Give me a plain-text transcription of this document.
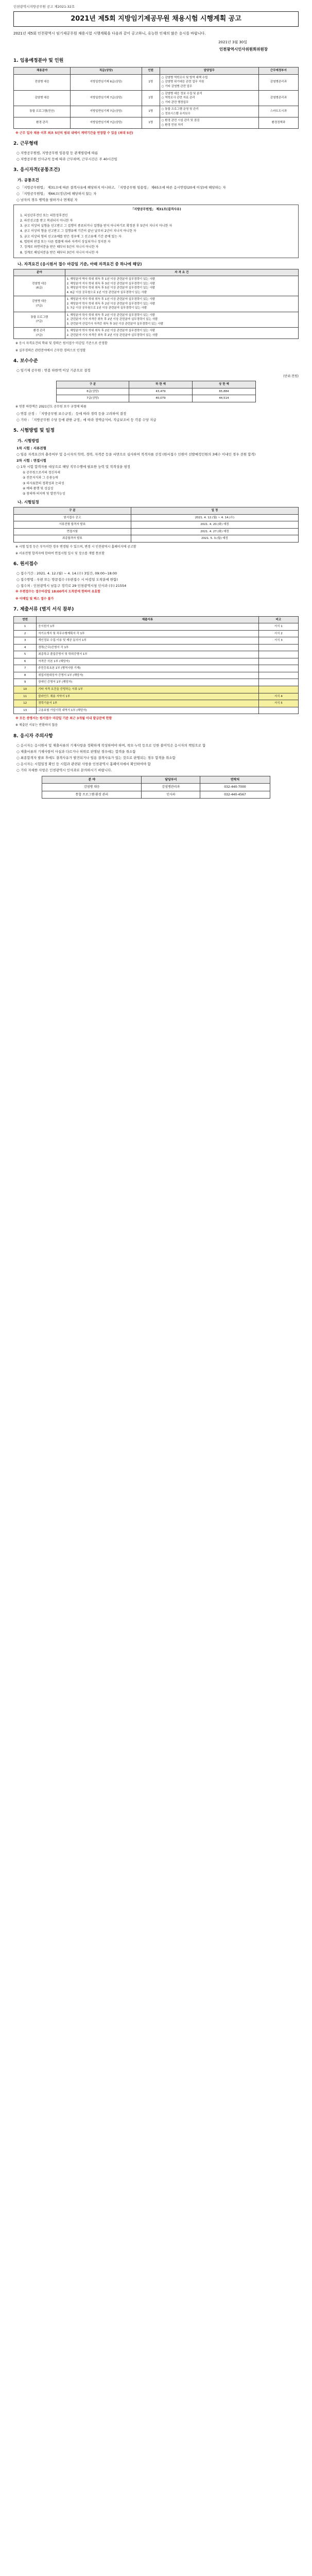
인천광역시지방공무원 공고 제2021-32호
2021년 제5회 지방임기제공무원 채용시험 시행계획 공고
2021년 제5회 인천광역시 임기제공무원 채용시험 시행계획을 다음과 같이 공고하니, 유능한 인재의 많은 응시를 바랍니다.
2021년 3월 30일
인천광역시인사위원회위원장
1. 임용예정분야 및 인원
채용분야	직급(상당)	인원	담당업무	근무예정부서
전염병 대응	지방일반임기제 6급(상당)	1명	○ 감염병 역학조사 및 방역 대책 수립
○ 감염병 위기대응 관련 업무 지원
○ 기타 감염병 관련 업무	감염병관리과
감염병 대응	지방일반임기제 7급(상당)	1명	○ 감염병 대응 정보 수집 및 분석
○ 역학조사 관련 자료 관리
○ 기타 관련 행정업무	감염병관리과
통합 프로그램(전산)	지방일반임기제 7급(상당)	1명	○ 통합 프로그램 운영 및 관리
○ 정보시스템 유지보수	스마트도시과
환경 관리	지방일반임기제 7급(상당)	1명	○ 환경 관련 시설 관리 및 점검
○ 환경 민원 처리	환경정책과
※ 근무 일자 채용 이후 최초 5년의 범위 내에서 계약기간을 연장할 수 있음 (최대 5년)
2. 근무형태
○ 지방공무원법, 지방공무원 임용령 등 관계법령에 따름
○ 지방공무원 인사규칙 등에 따라 근무하며, 근무시간은 주 40시간임
3. 응시자격(공통조건)
가. 공통조건
○ 「지방공무원법」 제31조에 따른 결격사유에 해당하지 아니하고, 「지방공무원 임용령」 제65조에 따른 응시연령(20세 이상)에 해당하는 자
○ 「지방공무원법」 제66조(정년)에 해당하지 않는 자
○ 남자의 경우 병역을 필하거나 면제된 자
「지방공무원법」 제31조(결격사유)
1. 피성년후견인 또는 피한정후견인
2. 파산선고를 받고 복권되지 아니한 자
3. 금고 이상의 실형을 선고받고 그 집행이 종료되거나 집행을 받지 아니하기로 확정된 후 5년이 지나지 아니한 자
4. 금고 이상의 형을 선고받고 그 집행유예 기간이 끝난 날부터 2년이 지나지 아니한 자
5. 금고 이상의 형의 선고유예를 받은 경우에 그 선고유예 기간 중에 있는 자
6. 법원의 판결 또는 다른 법률에 따라 자격이 상실되거나 정지된 자
7. 징계로 파면처분을 받은 때부터 5년이 지나지 아니한 자
8. 징계로 해임처분을 받은 때부터 3년이 지나지 아니한 자
나. 자격요건 (응시원서 접수 마감일 기준, 아래 자격요건 중 하나에 해당)
분야	자 격 요 건
전염병 대응
(6급)	1. 해당분야 박사 학위 취득 후 1년 이상 관련분야 실무경력이 있는 사람
2. 해당분야 석사 학위 취득 후 3년 이상 관련분야 실무경력이 있는 사람
3. 해당분야 학사 학위 취득 후 5년 이상 관련분야 실무경력이 있는 사람
4. 6급 이상 공무원으로 1년 이상 관련분야 실무경력이 있는 사람
감염병 대응
(7급)	1. 해당분야 석사 학위 취득 후 1년 이상 관련분야 실무경력이 있는 사람
2. 해당분야 학사 학위 취득 후 2년 이상 관련분야 실무경력이 있는 사람
3. 7급 이상 공무원으로 1년 이상 관련분야 실무경력이 있는 사람
통합 프로그램
(7급)	1. 해당분야 학사 학위 취득 후 2년 이상 관련분야 실무경력이 있는 사람
2. 관련분야 기사 자격증 취득 후 2년 이상 관련분야 실무경력이 있는 사람
3. 관련분야 산업기사 자격증 취득 후 3년 이상 관련분야 실무경력이 있는 사람
환경 관리
(7급)	1. 해당분야 학사 학위 취득 후 2년 이상 관련분야 실무경력이 있는 사람
2. 관련분야 기사 자격증 취득 후 2년 이상 관련분야 실무경력이 있는 사람
※ 응시 자격요건의 학위 및 경력은 원서접수 마감일 기준으로 산정함
※ 실무경력은 관련분야에서 근무한 경력으로 인정함
4. 보수수준
○ 임기제 공무원 : 연봉 하한액 이상 기준으로 결정
(단위:천원)
구 분	하 한 액	상 한 액
6급(상당)	43,479	65,884
7급(상당)	40,079	44,514
※ 연봉 하한액은 2021년도 공무원 보수 규정에 따름
○ 연봉 산정 : 「지방공무원 보수규정」 등에 따라 경력 등을 고려하여 결정
○ 기타 : 「지방공무원 수당 등에 관한 규정」에 따라 정액급식비, 직급보조비 등 각종 수당 지급
5. 시험방법 및 일정
가. 시험방법
1차 시험 : 서류전형
○ 임용 자격요건의 충족여부 및 응시자의 학력, 경력, 자격증 등을 서면으로 심사하여 적격자를 선정 (원서접수 인원이 선발예정인원의 3배수 이내인 경우 전원 합격)
2차 시험 : 면접시험
○ 1차 시험 합격자를 대상으로 해당 직무수행에 필요한 능력 및 적격성을 평정
① 공무원으로서의 정신자세
② 전문지식과 그 응용능력
③ 의사표현의 정확성과 논리성
④ 예의·품행 및 성실성
⑤ 창의력·의지력 및 발전가능성
나. 시험일정
구 분	일 정
원서접수 공고	2021. 4. 12.(월) ~ 4. 14.(수)
서류전형 합격자 발표	2021. 4. 20.(화) 예정
면접시험	2021. 4. 27.(화) 예정
최종합격자 발표	2021. 5. 3.(월) 예정
※ 시험 일정 등은 부득이한 경우 변경될 수 있으며, 변경 시 인천광역시 홈페이지에 공고함
※ 서류전형 합격자에 한하여 면접시험 일시 및 장소를 개별 통보함
6. 원서접수
○ 접수기간 : 2021. 4. 12.(월) ~ 4. 14.(수) 3일간, 09:00~18:00
○ 접수방법 : 우편 또는 방문접수 (우편접수 시 마감일 도착분에 한함)
○ 접수처 : 인천광역시 남동구 정각로 29 인천광역시청 인사과 (우) 21554
※ 우편접수는 접수마감일 18:00까지 도착분에 한하여 유효함
※ 이메일 및 팩스 접수 불가
7. 제출서류 (별지 서식 참부)
연번	제출서류	비고
1	응시원서 1부	서식 1
2	자기소개서 및 직무수행계획서 각 1부	서식 2
3	개인정보 수집·이용 및 제공 동의서 1부	서식 3
4	경력(근무)증명서 각 1부	
5	최종학교 졸업증명서 및 학위증명서 1부	
6	자격증 사본 1부 (해당자)	
7	주민등록초본 1부 (병역사항 기재)	
8	취업지원대상자 증명서 1부 (해당자)	
9	장애인 증명서 1부 (해당자)	
10	기타 자격 요건을 증빙하는 서류 1부	
11	블라인드 채용 서약서 1부	서식 4
12	경력기술서 1부	서식 5
13	고용보험 가입이력 내역서 1부 (해당자)	
※ 모든 증명서는 원서접수 마감일 기준 최근 3개월 이내 발급분에 한함
※ 제출된 서류는 반환하지 않음
8. 응시자 주의사항
○ 응시자는 응시원서 및 제출서류의 기재사항을 정확하게 작성하여야 하며, 착오·누락 등으로 인한 불이익은 응시자의 책임으로 함
○ 제출서류의 기재사항이 사실과 다르거나 허위로 판명된 경우에는 합격을 취소함
○ 최종합격자 발표 후에도 결격사유가 발견되거나 임용 결격사유가 있는 것으로 판명되는 경우 합격을 취소함
○ 응시자는 시험일정 확인 등 시험과 관련된 사항을 인천광역시 홈페이지에서 확인하여야 함
○ 기타 자세한 사항은 인천광역시 인사과로 문의하시기 바랍니다.
분 야	담당부서	연락처
감염병 대응	감염병관리과	032-440-7000
통합 프로그램·환경 관리	인사과	032-440-4567
